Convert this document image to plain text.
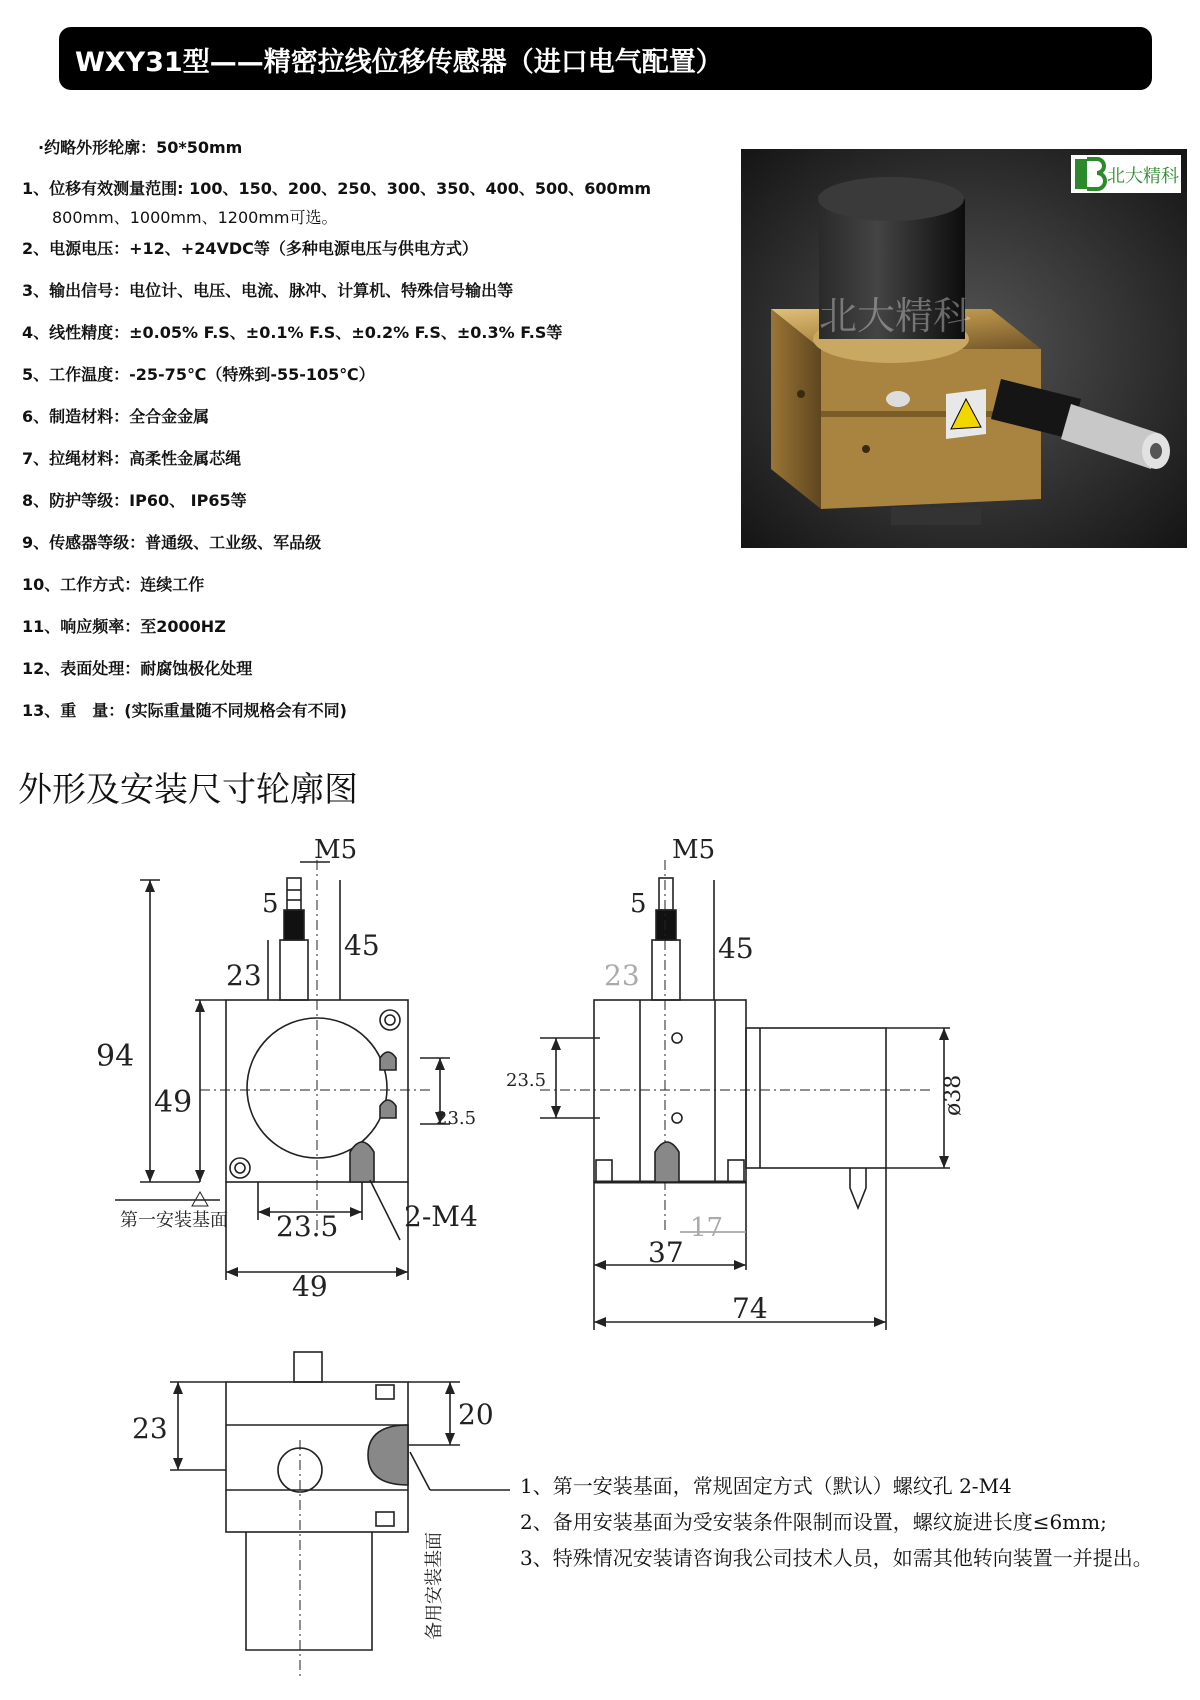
WXY31型——精密拉线位移传感器（进口电气配置）
·约略外形轮廓：50*50mm
1、位移有效测量范围: 100、150、200、250、300、350、400、500、600mm
800mm、1000mm、1200mm可选。
2、电源电压：+12、+24VDC等（多种电源电压与供电方式）
3、输出信号：电位计、电压、电流、脉冲、计算机、特殊信号输出等
4、线性精度：±0.05% F.S、±0.1% F.S、±0.2% F.S、±0.3% F.S等
5、工作温度：-25-75℃（特殊到-55-105℃）
6、制造材料：全合金金属
7、拉绳材料：高柔性金属芯绳
8、防护等级：IP60、 IP65等
9、传感器等级：普通级、工业级、军品级
10、工作方式：连续工作
11、响应频率：至2000HZ
12、表面处理：耐腐蚀极化处理
13、重　量：(实际重量随不同规格会有不同)
北大精科
北大精科
外形及安装尺寸轮廓图
M5
5
45
23
94
49	23.5
23.5 2-M4
49
第一安装基面
M5
5
45
23
23.5
17
37
74
ø38
23	20
备用安装基面
1、第一安装基面，常规固定方式（默认）螺纹孔 2-M4
2、备用安装基面为受安装条件限制而设置，螺纹旋进长度≤6mm;
3、特殊情况安装请咨询我公司技术人员，如需其他转向装置一并提出。
